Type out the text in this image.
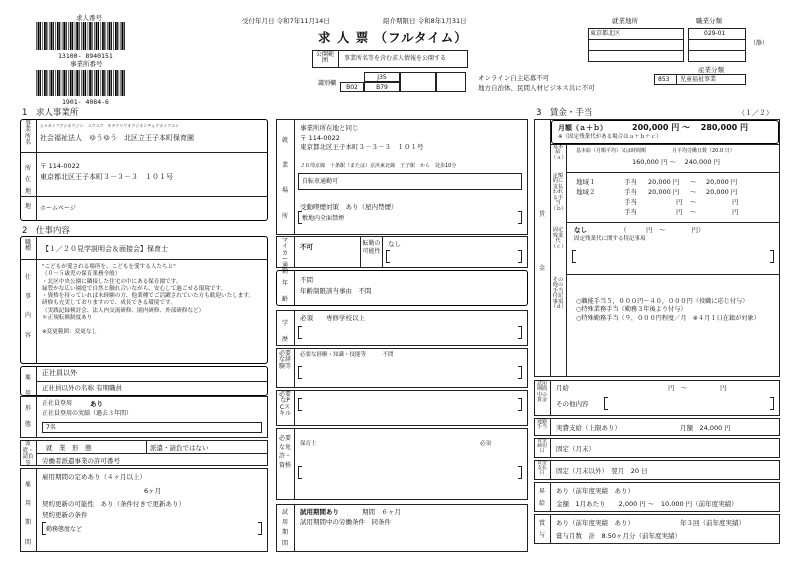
求人番号
13100- 8940151
事業所番号
1901- 4084-6
受付年月日 令和7年11月14日	紹介期限日 令和8年1月31日
求 人 票 （フルタイム）
公開範囲	事業所名等を含む求人情報を公開する
識別欄
J35
B02	B79
オンライン自主応募不可
地方自治体、民間人材ビジネス共に不可
就業地所	職業分類
東京都北区	029-01
（静）
産業分類
853 児童福祉事業
1　求人事業所
事業所名
シャカイフクシホウジン　ユウユウ　キタクリツオウジホンチョウホイクエン
社会福祉法人　ゆうゆう　北区立王子本町保育園
所在地
〒 114-0022
東京都北区王子本町３－３－３　１０１号
地	ホームページ
2　仕事内容
職種	【１／２０見学説明会＆面接会】保育士
仕事内容
"こどもが愛される場所を、こどもを愛する人たちと"
（０～５歳児の保育業務全般）
・北区中央公園に隣接した住宅の中にある保育園です。
緑豊かな広い園庭で自然と触れ合いながら、安心して過ごせる環境です。
・資格を持っていれば未経験の方、他業種でご活躍されていた方も歓迎いたします。
研修も充実しておりますので、成長できる環境です。
（実践記録検討会、法人内交流研修、園内研修、外部研修など）
＊正規転換制度あり
※変更範囲：変更なし
正社員以外
正社員以外の名称 有期職員
雇用形態
正社員登用	あり
正社員登用の実績（過去３年間）
7名
派遣・請負等
就　業　形　態	派遣・請負ではない
労働者派遣事業の許可番号
雇用期間
雇用期間の定めあり（４ヶ月以上）
6ヶ月
契約更新の可能性　あり（条件付きで更新あり）
契約更新の条件
勤務態度など
就業場所
事業所所在地と同じ
〒 114-0022
東京都北区王子本町３－３－３　１０１号
ＪＲ埼京線　十条駅（または）京浜東北線　王子駅　から　徒歩10分
自転車通勤可
受動喫煙対策　あり（屋内禁煙）
敷地内全面禁煙
マイカー通勤
不可	転勤の可能性
なし
年齢
不問
年齢制限該当事由　不問
学歴
必須　　専修学校以上
必要な経験等
必要な経験・知識・技能等　　　不問
必要なPCスキル
必要な免許・資格
保育士	必須
試用期間
試用期間あり	期間　６ヶ月
試用期間中の労働条件　同条件
3　賃金・手当	（１／２）
賃金
月額（ａ＋ｂ）	200,000 円 ～ 　280,000 円
※（固定残業代がある場合はａ＋ｂ＋ｃ）
基本給（ａ）
基本給（月額平均）又は時間額	月平均労働日数（20.0 日）
160,000 円 ～ 　240,000 円
定額的に支払われる手当（ｂ）
地域１	手当 20,000 円 ～ 20,000 円
地域２	手当 20,000 円 ～ 20,000 円
手当	円 ～	円
手当	円 ～	円
固定残業代（ｃ）
なし	（　　　円　～　　　　円）
固定残業代に関する特記事項
その他の手当付記事項（ｄ）
○職能手当５，０００円～４０，０００円（役職に応じ付与）
○特殊業務手当（勤務３年後より付与）
○特殊勤務手当（９，０００円程度／月　※４月１日在籍が対象）
試用期間中の賃金
月給	円　～　　　　　円
その他内容
通勤手当	実費支給（上限あり）	月額　24,000 円
賃金締切日	固定（月末）
賃金支払日	固定（月末以外）　翌月　20 日
昇給
あり（前年度実績　あり）
金額　1月あたり　　2,000 円 ～　10,000 円（前年度実績）
賞与
あり（前年度実績　あり）	年３回（前年度実績）
賞与月数　計　8.50ヶ月分（前年度実績）
